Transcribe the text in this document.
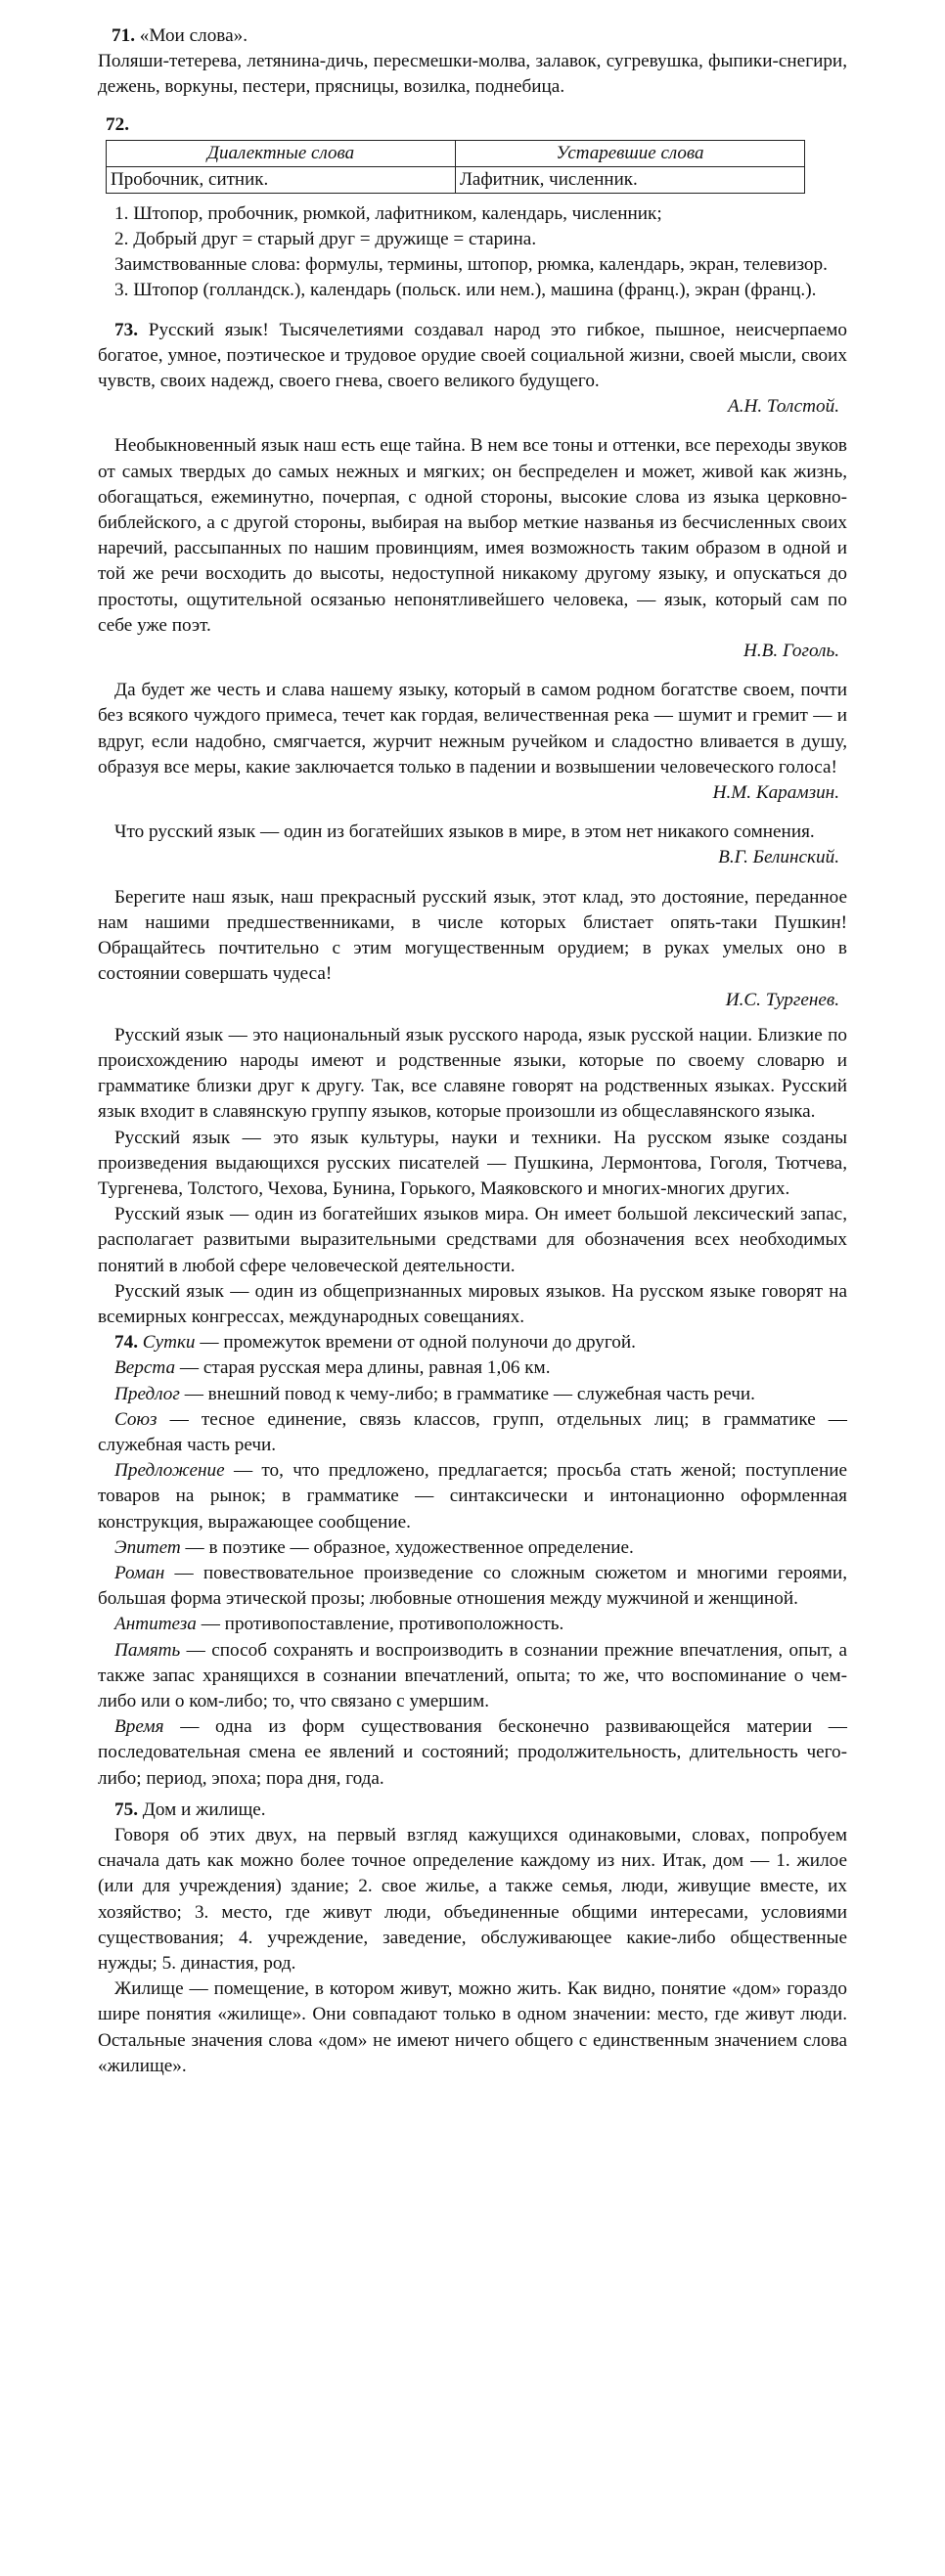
71. «Мои слова».

Поляши-тетерева, летянина-дичь, пересмешки-молва, залавок, сугревушка, фыпики-снегири, дежень, воркуны, пестери, прясницы, возилка, поднебица.

72.

Диалектные слова	Устаревшие слова
Пробочник, ситник.	Лафитник, численник.

1. Штопор, пробочник, рюмкой, лафитником, календарь, численник;

2. Добрый друг = старый друг = дружище = старина.

Заимствованные слова: формулы, термины, штопор, рюмка, календарь, экран, телевизор.

3. Штопор (голландск.), календарь (польск. или нем.), машина (франц.), экран (франц.).

73. Русский язык! Тысячелетиями создавал народ это гибкое, пышное, неисчерпаемо богатое, умное, поэтическое и трудовое орудие своей социальной жизни, своей мысли, своих чувств, своих надежд, своего гнева, своего великого будущего.

А.Н. Толстой.

Необыкновенный язык наш есть еще тайна. В нем все тоны и оттенки, все переходы звуков от самых твердых до самых нежных и мягких; он беспределен и может, живой как жизнь, обогащаться, ежеминутно, почерпая, с одной стороны, высокие слова из языка церковно-библейского, а с другой стороны, выбирая на выбор меткие названья из бесчисленных своих наречий, рассыпанных по нашим провинциям, имея возможность таким образом в одной и той же речи восходить до высоты, недоступной никакому другому языку, и опускаться до простоты, ощутительной осязанью непонятливейшего человека, — язык, который сам по себе уже поэт.

Н.В. Гоголь.

Да будет же честь и слава нашему языку, который в самом родном богатстве своем, почти без всякого чуждого примеса, течет как гордая, величественная река — шумит и гремит — и вдруг, если надобно, смягчается, журчит нежным ручейком и сладостно вливается в душу, образуя все меры, какие заключается только в падении и возвышении человеческого голоса!

Н.М. Карамзин.

Что русский язык — один из богатейших языков в мире, в этом нет никакого сомнения.

В.Г. Белинский.

Берегите наш язык, наш прекрасный русский язык, этот клад, это достояние, переданное нам нашими предшественниками, в числе которых блистает опять-таки Пушкин! Обращайтесь почтительно с этим могущественным орудием; в руках умелых оно в состоянии совершать чудеса!

И.С. Тургенев.

Русский язык — это национальный язык русского народа, язык русской нации. Близкие по происхождению народы имеют и родственные языки, которые по своему словарю и грамматике близки друг к другу. Так, все славяне говорят на родственных языках. Русский язык входит в славянскую группу языков, которые произошли из общеславянского языка.

Русский язык — это язык культуры, науки и техники. На русском языке созданы произведения выдающихся русских писателей — Пушкина, Лермонтова, Гоголя, Тютчева, Тургенева, Толстого, Чехова, Бунина, Горького, Маяковского и многих-многих других.

Русский язык — один из богатейших языков мира. Он имеет большой лексический запас, располагает развитыми выразительными средствами для обозначения всех необходимых понятий в любой сфере человеческой деятельности.

Русский язык — один из общепризнанных мировых языков. На русском языке говорят на всемирных конгрессах, международных совещаниях.

74. Сутки — промежуток времени от одной полуночи до другой.

Верста — старая русская мера длины, равная 1,06 км.

Предлог — внешний повод к чему-либо; в грамматике — служебная часть речи.

Союз — тесное единение, связь классов, групп, отдельных лиц; в грамматике — служебная часть речи.

Предложение — то, что предложено, предлагается; просьба стать женой; поступление товаров на рынок; в грамматике — синтаксически и интонационно оформленная конструкция, выражающее сообщение.

Эпитет — в поэтике — образное, художественное определение.

Роман — повествовательное произведение со сложным сюжетом и многими героями, большая форма этической прозы; любовные отношения между мужчиной и женщиной.

Антитеза — противопоставление, противоположность.

Память — способ сохранять и воспроизводить в сознании прежние впечатления, опыт, а также запас хранящихся в сознании впечатлений, опыта; то же, что воспоминание о чем-либо или о ком-либо; то, что связано с умершим.

Время — одна из форм существования бесконечно развивающейся материи — последовательная смена ее явлений и состояний; продолжительность, длительность чего-либо; период, эпоха; пора дня, года.

75. Дом и жилище.

Говоря об этих двух, на первый взгляд кажущихся одинаковыми, словах, попробуем сначала дать как можно более точное определение каждому из них. Итак, дом — 1. жилое (или для учреждения) здание; 2. свое жилье, а также семья, люди, живущие вместе, их хозяйство; 3. место, где живут люди, объединенные общими интересами, условиями существования; 4. учреждение, заведение, обслуживающее какие-либо общественные нужды; 5. династия, род.

Жилище — помещение, в котором живут, можно жить. Как видно, понятие «дом» гораздо шире понятия «жилище». Они совпадают только в одном значении: место, где живут люди. Остальные значения слова «дом» не имеют ничего общего с единственным значением слова «жилище».
